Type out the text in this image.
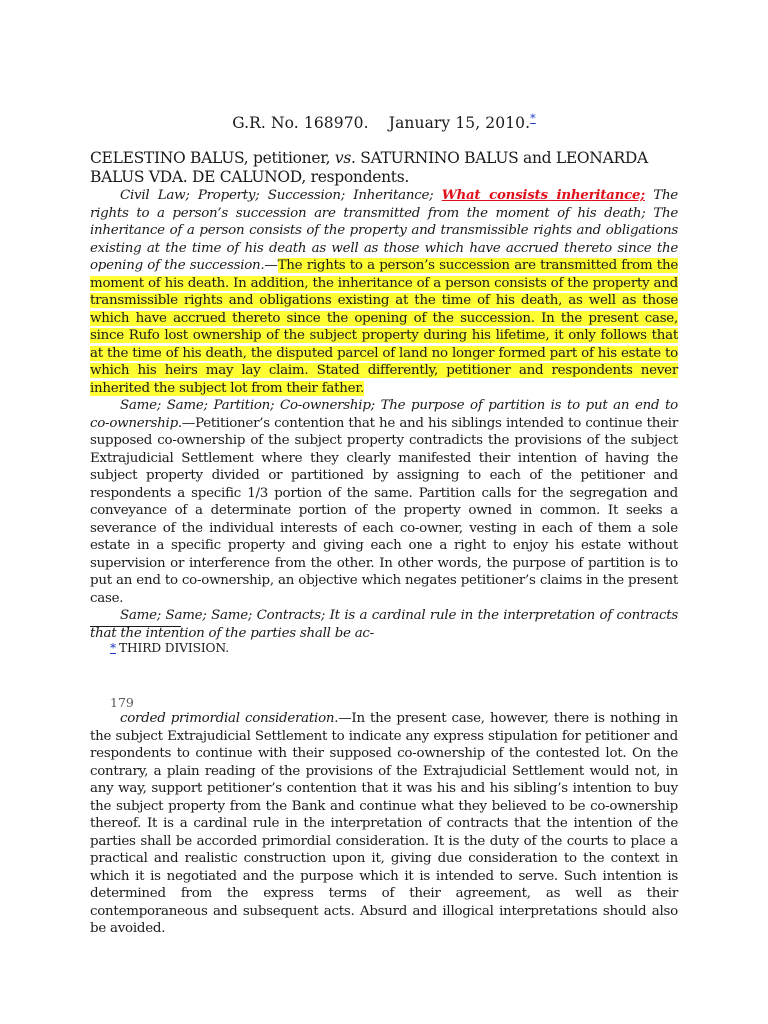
G.R. No. 168970. January 15, 2010.*
CELESTINO BALUS, petitioner, vs. SATURNINO BALUS and LEONARDA BALUS VDA. DE CALUNOD, respondents.

Civil Law; Property; Succession; Inheritance; What consists inheritance; The rights to a person’s succession are transmitted from the moment of his death; The inheritance of a person consists of the property and transmissible rights and obligations existing at the time of his death as well as those which have accrued thereto since the opening of the succession.—The rights to a person’s succession are transmitted from the moment of his death. In addition, the inheritance of a person consists of the property and transmissible rights and obligations existing at the time of his death, as well as those which have accrued thereto since the opening of the succession. In the present case, since Rufo lost ownership of the subject property during his lifetime, it only follows that at the time of his death, the disputed parcel of land no longer formed part of his estate to which his heirs may lay claim. Stated differently, petitioner and respondents never inherited the subject lot from their father.

Same; Same; Partition; Co-ownership; The purpose of partition is to put an end to co-ownership.—Petitioner’s contention that he and his siblings intended to continue their supposed co-ownership of the subject property contradicts the provisions of the subject Extrajudicial Settlement where they clearly manifested their intention of having the subject property divided or partitioned by assigning to each of the petitioner and respondents a specific 1/3 portion of the same. Partition calls for the segregation and conveyance of a determinate portion of the property owned in common. It seeks a severance of the individual interests of each co-owner, vesting in each of them a sole estate in a specific property and giving each one a right to enjoy his estate without supervision or interference from the other. In other words, the purpose of partition is to put an end to co-ownership, an objective which negates petitioner’s claims in the present case.

Same; Same; Same; Contracts; It is a cardinal rule in the interpretation of contracts that the intention of the parties shall be ac-

* THIRD DIVISION.
179

corded primordial consideration.—In the present case, however, there is nothing in the subject Extrajudicial Settlement to indicate any express stipulation for petitioner and respondents to continue with their supposed co-ownership of the contested lot. On the contrary, a plain reading of the provisions of the Extrajudicial Settlement would not, in any way, support petitioner’s contention that it was his and his sibling’s intention to buy the subject property from the Bank and continue what they believed to be co-ownership thereof. It is a cardinal rule in the interpretation of contracts that the intention of the parties shall be accorded primordial consideration. It is the duty of the courts to place a practical and realistic construction upon it, giving due consideration to the context in which it is negotiated and the purpose which it is intended to serve. Such intention is determined from the express terms of their agreement, as well as their contemporaneous and subsequent acts. Absurd and illogical interpretations should also be avoided.
